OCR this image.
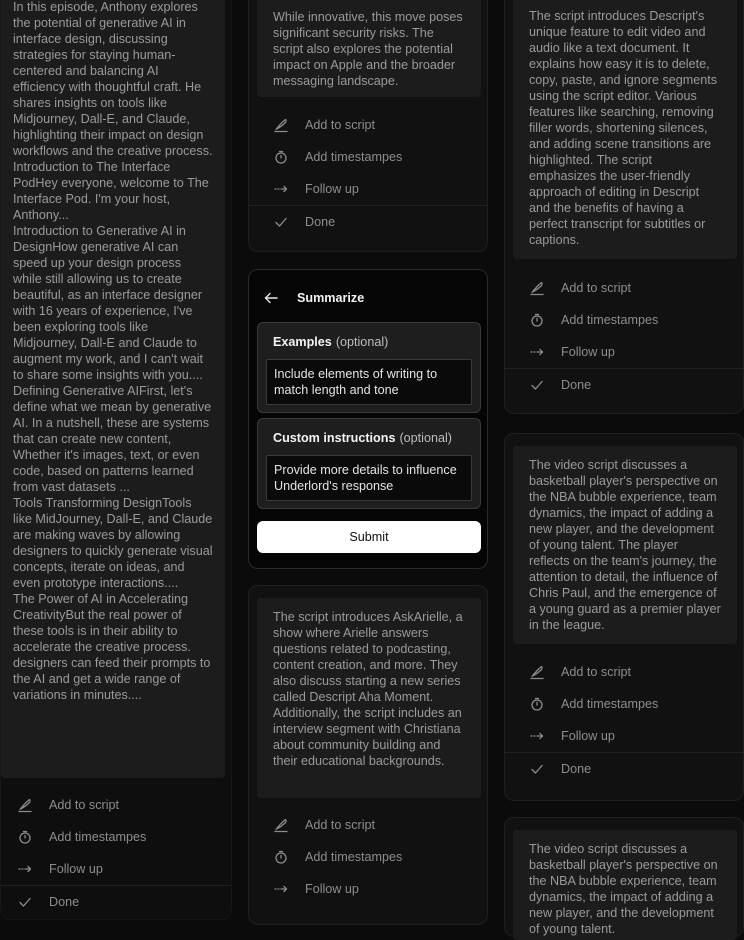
In this episode, Anthony explores the potential of generative AI in interface design, discussing strategies for staying human-centered and balancing AI efficiency with thoughtful craft. He shares insights on tools like Midjourney, Dall-E, and Claude, highlighting their impact on design workflows and the creative process.

Introduction to The Interface PodHey everyone, welcome to The Interface Pod. I'm your host, Anthony...

Introduction to Generative AI in DesignHow generative AI can speed up your design process while still allowing us to create beautiful, as an interface designer with 16 years of experience, I've been exploring tools like Midjourney, Dall-E and Claude to augment my work, and I can't wait to share some insights with you....

Defining Generative AIFirst, let's define what we mean by generative AI. In a nutshell, these are systems that can create new content, Whether it's images, text, or even code, based on patterns learned from vast datasets ...

Tools Transforming DesignTools like MidJourney, Dall-E, and Claude are making waves by allowing designers to quickly generate visual concepts, iterate on ideas, and even prototype interactions....

The Power of AI in Accelerating CreativityBut the real power of these tools is in their ability to accelerate the creative process. designers can feed their prompts to the AI and get a wide range of variations in minutes....

Add to script
Add timestampes
Follow up
Done

While innovative, this move poses significant security risks. The script also explores the potential impact on Apple and the broader messaging landscape.

Add to script
Add timestampes
Follow up
Done
Summarize
Examples (optional)
Include elements of writing to match length and tone
Custom instructions (optional)
Provide more details to influence Underlord's response
Submit

The script introduces AskArielle, a show where Arielle answers questions related to podcasting, content creation, and more. They also discuss starting a new series called Descript Aha Moment. Additionally, the script includes an interview segment with Christiana about community building and their educational backgrounds.

Add to script
Add timestampes
Follow up

The script introduces Descript's unique feature to edit video and audio like a text document. It explains how easy it is to delete, copy, paste, and ignore segments using the script editor. Various features like searching, removing filler words, shortening silences, and adding scene transitions are highlighted. The script emphasizes the user-friendly approach of editing in Descript and the benefits of having a perfect transcript for subtitles or captions.

Add to script
Add timestampes
Follow up
Done

The video script discusses a basketball player's perspective on the NBA bubble experience, team dynamics, the impact of adding a new player, and the development of young talent. The player reflects on the team's journey, the attention to detail, the influence of Chris Paul, and the emergence of a young guard as a premier player in the league.

Add to script
Add timestampes
Follow up
Done

The video script discusses a basketball player's perspective on the NBA bubble experience, team dynamics, the impact of adding a new player, and the development of young talent.
